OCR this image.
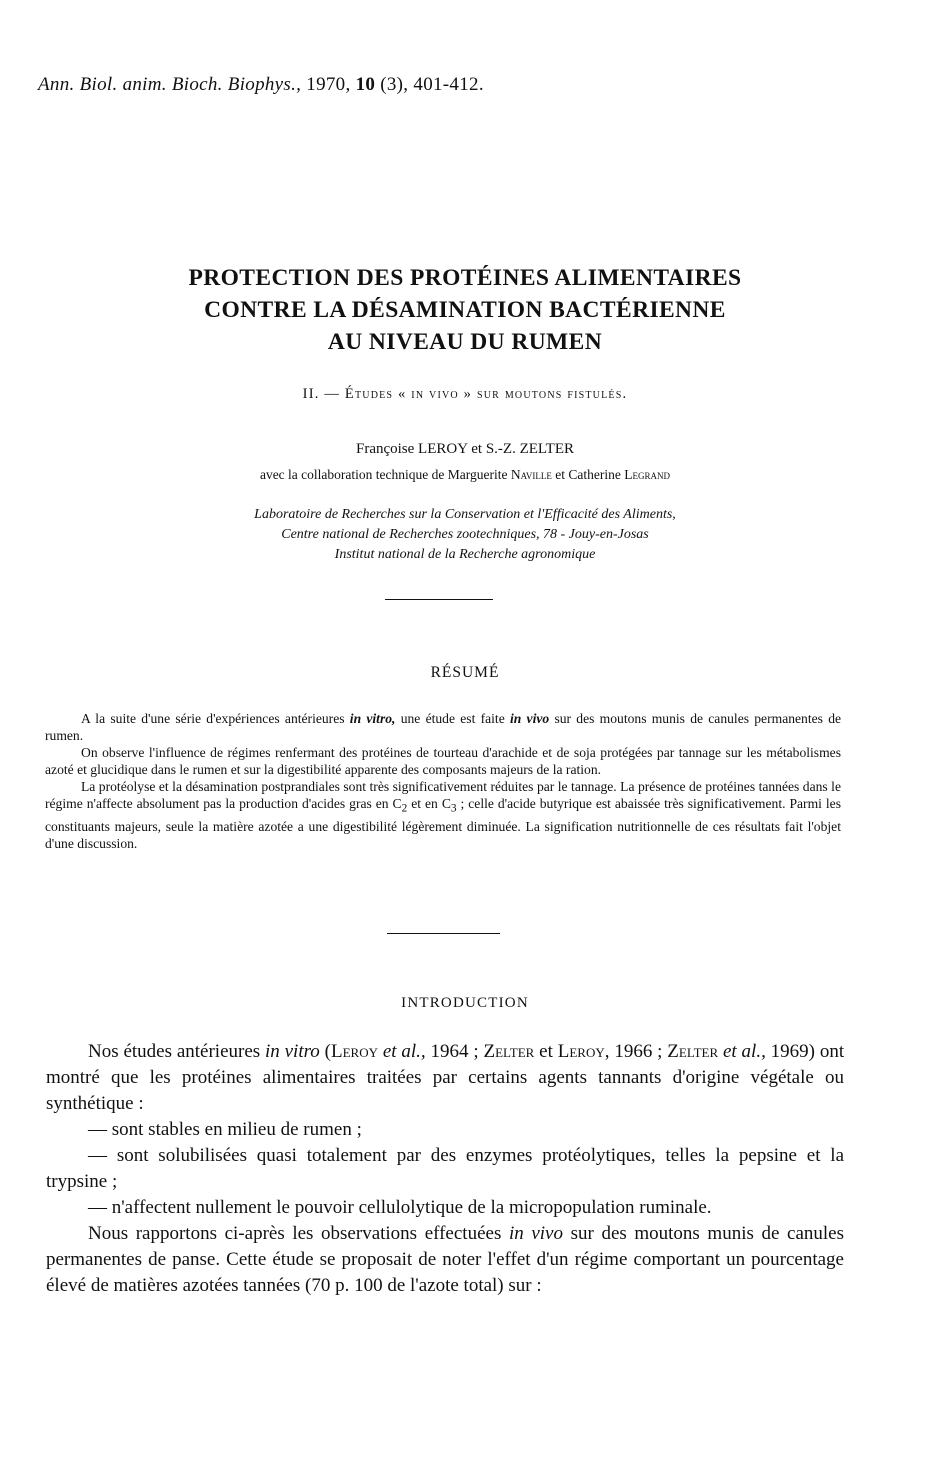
Ann. Biol. anim. Bioch. Biophys., 1970, 10 (3), 401-412.
PROTECTION DES PROTÉINES ALIMENTAIRES
CONTRE LA DÉSAMINATION BACTÉRIENNE
AU NIVEAU DU RUMEN
II. — Études « in vivo » sur moutons fistulés.
Françoise LEROY et S.-Z. ZELTER
avec la collaboration technique de Marguerite Naville et Catherine Legrand
Laboratoire de Recherches sur la Conservation et l'Efficacité des Aliments,
Centre national de Recherches zootechniques, 78 - Jouy-en-Josas
Institut national de la Recherche agronomique
RÉSUMÉ

A la suite d'une série d'expériences antérieures in vitro, une étude est faite in vivo sur des moutons munis de canules permanentes de rumen.

On observe l'influence de régimes renfermant des protéines de tourteau d'arachide et de soja protégées par tannage sur les métabolismes azoté et glucidique dans le rumen et sur la digestibilité apparente des composants majeurs de la ration.

La protéolyse et la désamination postprandiales sont très significativement réduites par le tannage. La présence de protéines tannées dans le régime n'affecte absolument pas la production d'acides gras en $C_2$ et en $C_3$ ; celle d'acide butyrique est abaissée très significativement. Parmi les constituants majeurs, seule la matière azotée a une digestibilité légèrement diminuée. La signification nutritionnelle de ces résultats fait l'objet d'une discussion.

INTRODUCTION

Nos études antérieures in vitro (Leroy et al., 1964 ; Zelter et Leroy, 1966 ; Zelter et al., 1969) ont montré que les protéines alimentaires traitées par certains agents tannants d'origine végétale ou synthétique :

— sont stables en milieu de rumen ;

— sont solubilisées quasi totalement par des enzymes protéolytiques, telles la pepsine et la trypsine ;

— n'affectent nullement le pouvoir cellulolytique de la micropopulation ruminale.

Nous rapportons ci-après les observations effectuées in vivo sur des moutons munis de canules permanentes de panse. Cette étude se proposait de noter l'effet d'un régime comportant un pourcentage élevé de matières azotées tannées (70 p. 100 de l'azote total) sur :
